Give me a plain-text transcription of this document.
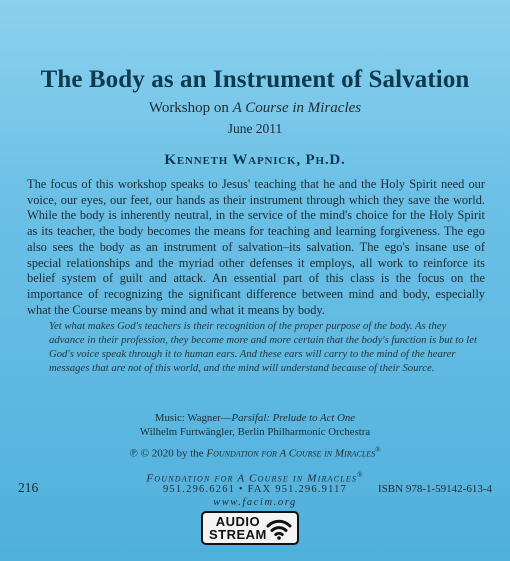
The Body as an Instrument of Salvation
Workshop on A Course in Miracles
June 2011
Kenneth Wapnick, Ph.D.
The focus of this workshop speaks to Jesus' teaching that he and the Holy Spirit need our voice, our eyes, our feet, our hands as their instrument through which they save the world. While the body is inherently neutral, in the service of the mind's choice for the Holy Spirit as its teacher, the body becomes the means for teaching and learning forgiveness. The ego also sees the body as an instrument of salvation–its salvation. The ego's insane use of special relationships and the myriad other defenses it employs, all work to reinforce its belief system of guilt and attack. An essential part of this class is the focus on the importance of recognizing the significant difference between mind and body, especially what the Course means by mind and what it means by body.
Yet what makes God's teachers is their recognition of the proper purpose of the body. As they advance in their profession, they become more and more certain that the body's function is but to let God's voice speak through it to human ears. And these ears will carry to the mind of the hearer messages that are not of this world, and the mind will understand because of their Source.
Music: Wagner—Parsifal: Prelude to Act One
Wilhelm Furtwängler, Berlin Philharmonic Orchestra
℗ © 2020 by the Foundation for A Course in Miracles®
Foundation for A Course in Miracles®
951.296.6261 • FAX 951.296.9117
www.facim.org
216	ISBN 978-1-59142-613-4
AUDIO
STREAM
